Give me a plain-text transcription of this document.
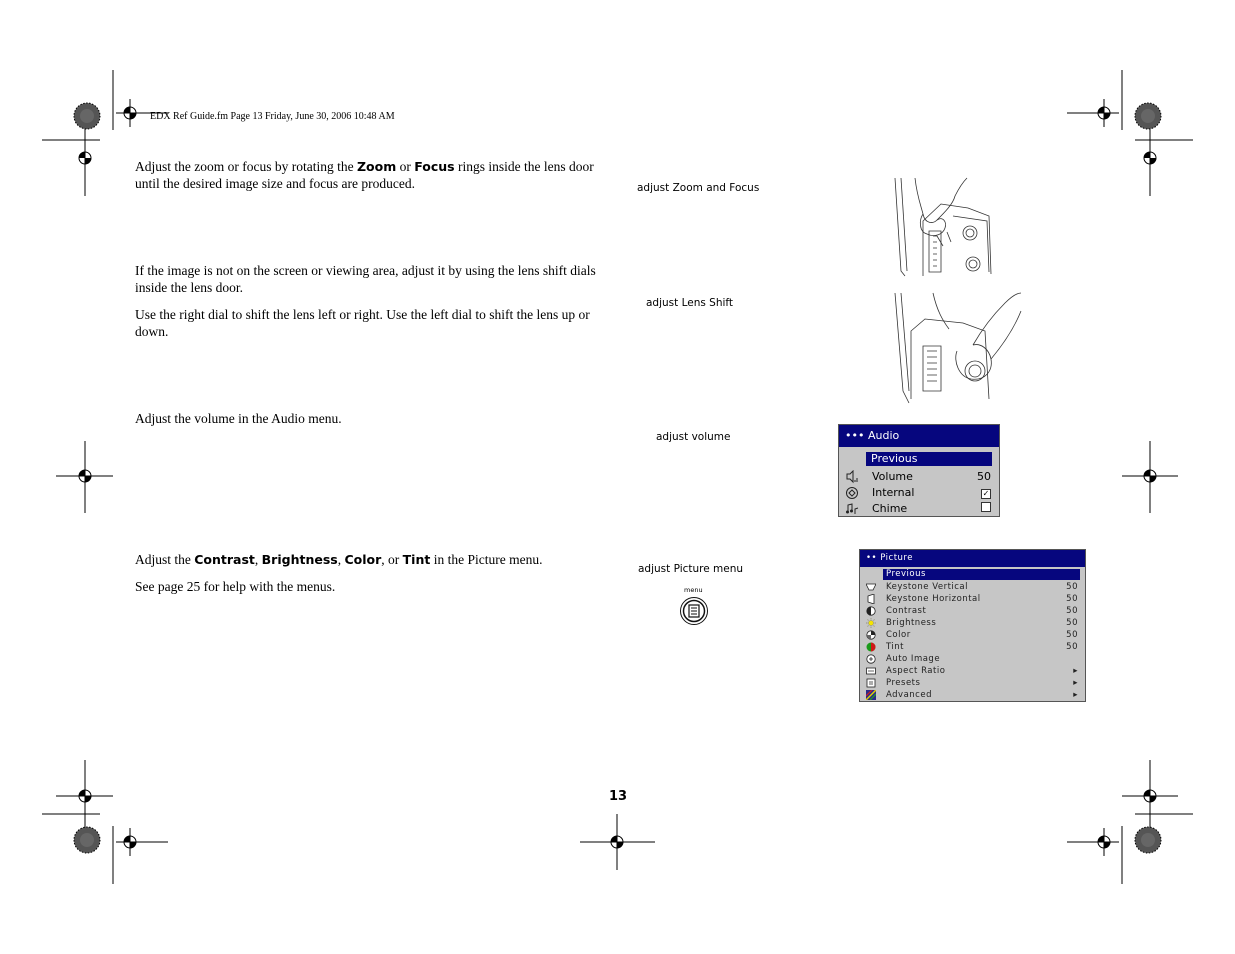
EDX Ref Guide.fm Page 13 Friday, June 30, 2006 10:48 AM
Adjust the zoom or focus by rotating the Zoom or Focus rings inside the lens door until the desired image size and focus are produced.	adjust Zoom and Focus
If the image is not on the screen or viewing area, adjust it by using the lens shift dials inside the lens door.
Use the right dial to shift the lens left or right. Use the left dial to shift the lens up or down.
adjust Lens Shift
Adjust the volume in the Audio menu.
adjust volume	••• Audio
Previous
Volume	50
Internal	✓
Chime
Adjust the Contrast, Brightness, Color, or Tint in the Picture menu.
See page 25 for help with the menus.
adjust Picture menu
menu
•• Picture
Previous
Keystone Vertical	50
Keystone Horizontal	50
Contrast	50
Brightness	50
Color	50
Tint	50
Auto Image
Aspect Ratio	▸
Presets	▸
Advanced	▸
13
